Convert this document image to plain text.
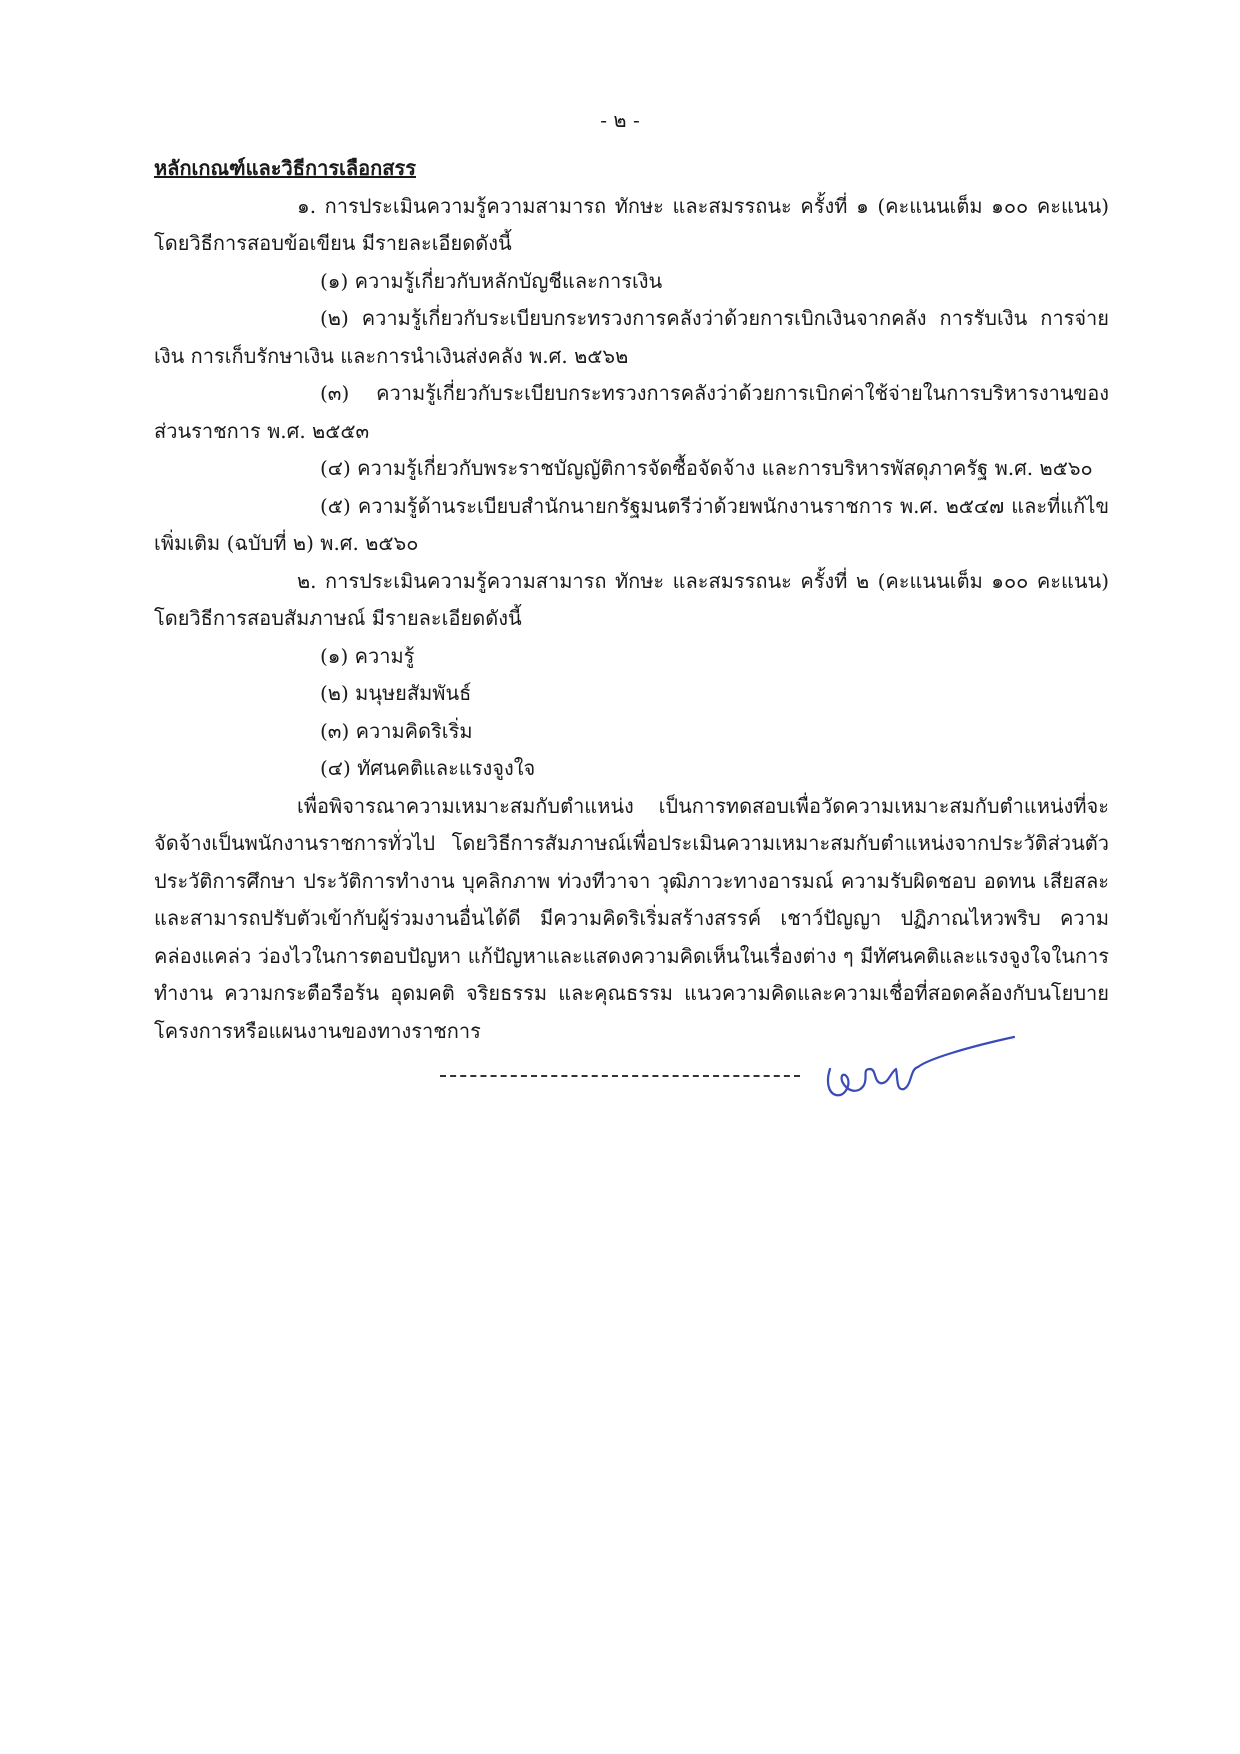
- ๒ -
หลักเกณฑ์และวิธีการเลือกสรร
๑. การประเมินความรู้ความสามารถ ทักษะ และสมรรถนะ ครั้งที่ ๑ (คะแนนเต็ม ๑๐๐ คะแนน) โดยวิธีการสอบข้อเขียน มีรายละเอียดดังนี้
(๑) ความรู้เกี่ยวกับหลักบัญชีและการเงิน
(๒) ความรู้เกี่ยวกับระเบียบกระทรวงการคลังว่าด้วยการเบิกเงินจากคลัง การรับเงิน การจ่ายเงิน การเก็บรักษาเงิน และการนำเงินส่งคลัง พ.ศ. ๒๕๖๒
(๓) ความรู้เกี่ยวกับระเบียบกระทรวงการคลังว่าด้วยการเบิกค่าใช้จ่ายในการบริหารงานของส่วนราชการ พ.ศ. ๒๕๕๓
(๔) ความรู้เกี่ยวกับพระราชบัญญัติการจัดซื้อจัดจ้าง และการบริหารพัสดุภาครัฐ พ.ศ. ๒๕๖๐
(๕) ความรู้ด้านระเบียบสำนักนายกรัฐมนตรีว่าด้วยพนักงานราชการ พ.ศ. ๒๕๔๗ และที่แก้ไขเพิ่มเติม (ฉบับที่ ๒) พ.ศ. ๒๕๖๐
๒. การประเมินความรู้ความสามารถ ทักษะ และสมรรถนะ ครั้งที่ ๒ (คะแนนเต็ม ๑๐๐ คะแนน) โดยวิธีการสอบสัมภาษณ์ มีรายละเอียดดังนี้
(๑) ความรู้
(๒) มนุษยสัมพันธ์
(๓) ความคิดริเริ่ม
(๔) ทัศนคติและแรงจูงใจ
เพื่อพิจารณาความเหมาะสมกับตำแหน่ง เป็นการทดสอบเพื่อวัดความเหมาะสมกับตำแหน่งที่จะจัดจ้างเป็นพนักงานราชการทั่วไป โดยวิธีการสัมภาษณ์เพื่อประเมินความเหมาะสมกับตำแหน่งจากประวัติส่วนตัว ประวัติการศึกษา ประวัติการทำงาน บุคลิกภาพ ท่วงทีวาจา วุฒิภาวะทางอารมณ์ ความรับผิดชอบ อดทน เสียสละ และสามารถปรับตัวเข้ากับผู้ร่วมงานอื่นได้ดี มีความคิดริเริ่มสร้างสรรค์ เชาว์ปัญญา ปฏิภาณไหวพริบ ความคล่องแคล่ว ว่องไวในการตอบปัญหา แก้ปัญหาและแสดงความคิดเห็นในเรื่องต่าง ๆ มีทัศนคติและแรงจูงใจในการทำงาน ความกระตือรือร้น อุดมคติ จริยธรรม และคุณธรรม แนวความคิดและความเชื่อที่สอดคล้องกับนโยบาย โครงการหรือแผนงานของทางราชการ
